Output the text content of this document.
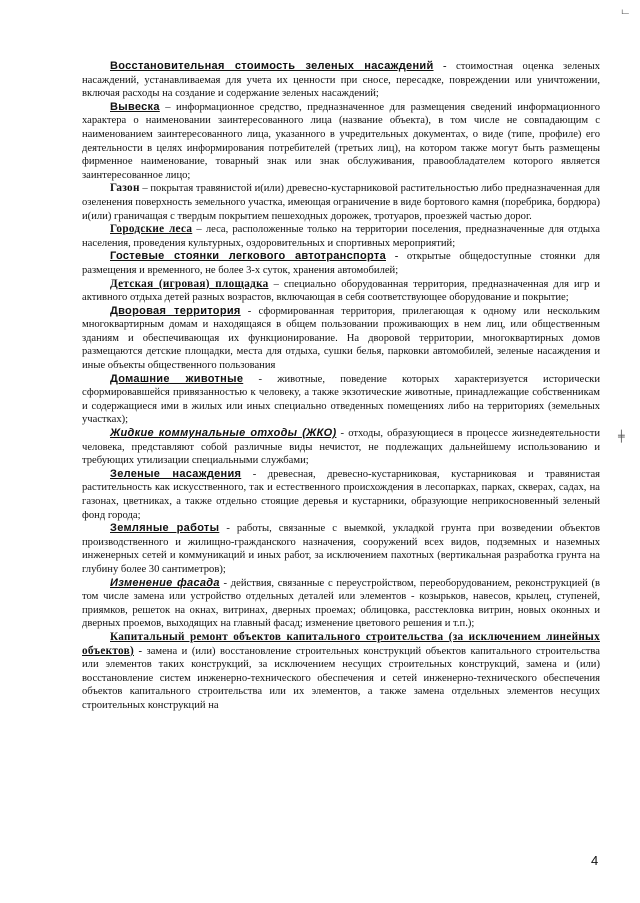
ட
╪

Восстановительная стоимость зеленых насаждений - стоимостная оценка зеленых насаждений, устанавливаемая для учета их ценности при сносе, пересадке, повреждении или уничтожении, включая расходы на создание и содержание зеленых насаждений;

Вывеска – информационное средство, предназначенное для размещения сведений информационного характера о наименовании заинтересованного лица (название объекта), в том числе не совпадающим с наименованием заинтересованного лица, указанного в учредительных документах, о виде (типе, профиле) его деятельности в целях информирования потребителей (третьих лиц), на котором также могут быть размещены фирменное наименование, товарный знак или знак обслуживания, правообладателем которого является заинтересованное лицо;

Газон – покрытая травянистой и(или) древесно-кустарниковой растительностью либо предназначенная для озеленения поверхность земельного участка, имеющая ограничение в виде бортового камня (поребрика, бордюра) и(или) граничащая с твердым покрытием пешеходных дорожек, тротуаров, проезжей частью дорог.

Городские леса – леса, расположенные только на территории поселения, предназначенные для отдыха населения, проведения культурных, оздоровительных и спортивных мероприятий;

Гостевые стоянки легкового автотранспорта - открытые общедоступные стоянки для размещения и временного, не более 3-х суток, хранения автомобилей;

Детская (игровая) площадка – специально оборудованная территория, предназначенная для игр и активного отдыха детей разных возрастов, включающая в себя соответствующее оборудование и покрытие;

Дворовая территория - сформированная территория, прилегающая к одному или нескольким многоквартирным домам и находящаяся в общем пользовании проживающих в нем лиц, или общественным зданиям и обеспечивающая их функционирование. На дворовой территории, многоквартирных домов размещаются детские площадки, места для отдыха, сушки белья, парковки автомобилей, зеленые насаждения и иные объекты общественного пользования

Домашние животные - животные, поведение которых характеризуется исторически сформировавшейся привязанностью к человеку, а также экзотические животные, принадлежащие собственникам и содержащиеся ими в жилых или иных специально отведенных помещениях либо на территориях (земельных участках);

Жидкие коммунальные отходы (ЖКО) - отходы, образующиеся в процессе жизнедеятельности человека, представляют собой различные виды нечистот, не подлежащих дальнейшему использованию и требующих утилизации специальными службами;

Зеленые насаждения - древесная, древесно-кустарниковая, кустарниковая и травянистая растительность как искусственного, так и естественного происхождения в лесопарках, парках, скверах, садах, на газонах, цветниках, а также отдельно стоящие деревья и кустарники, образующие неприкосновенный зеленый фонд города;

Земляные работы - работы, связанные с выемкой, укладкой грунта при возведении объектов производственного и жилищно-гражданского назначения, сооружений всех видов, подземных и наземных инженерных сетей и коммуникаций и иных работ, за исключением пахотных (вертикальная разработка грунта на глубину более 30 сантиметров);

Изменение фасада - действия, связанные с переустройством, переоборудованием, реконструкцией (в том числе замена или устройство отдельных деталей или элементов - козырьков, навесов, крылец, ступеней, приямков, решеток на окнах, витринах, дверных проемах; облицовка, расстекловка витрин, новых оконных и дверных проемов, выходящих на главный фасад; изменение цветового решения и т.п.);

Капитальный ремонт объектов капитального строительства (за исключением линейных объектов) - замена и (или) восстановление строительных конструкций объектов капитального строительства или элементов таких конструкций, за исключением несущих строительных конструкций, замена и (или) восстановление систем инженерно-технического обеспечения и сетей инженерно-технического обеспечения объектов капитального строительства или их элементов, а также замена отдельных элементов несущих строительных конструкций на

4
